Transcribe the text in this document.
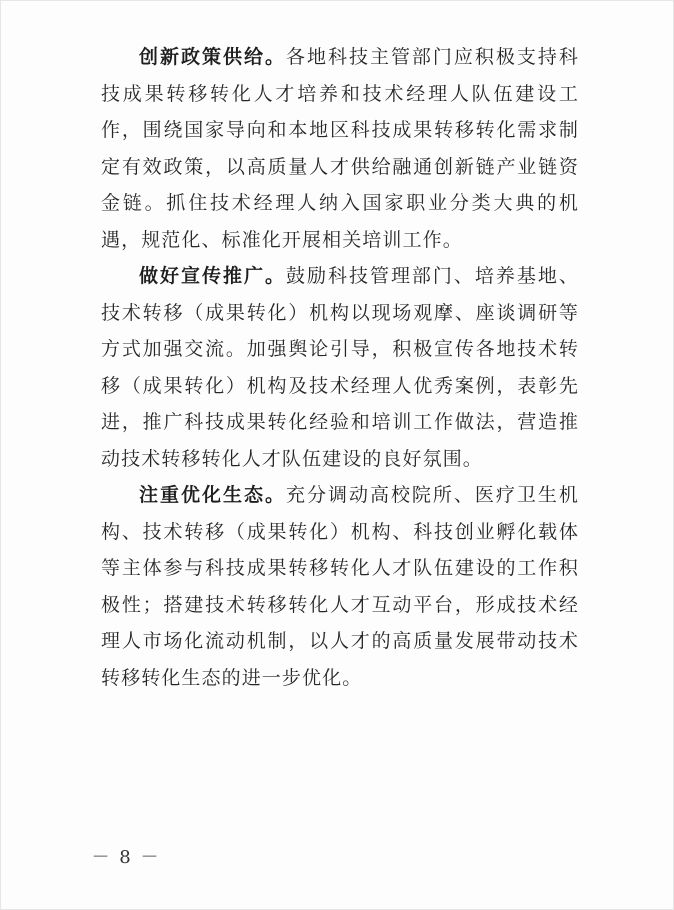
创新政策供给。各地科技主管部门应积极支持科技成果转移转化人才培养和技术经理人队伍建设工作，围绕国家导向和本地区科技成果转移转化需求制定有效政策，以高质量人才供给融通创新链产业链资金链。抓住技术经理人纳入国家职业分类大典的机遇，规范化、标准化开展相关培训工作。

做好宣传推广。鼓励科技管理部门、培养基地、技术转移（成果转化）机构以现场观摩、座谈调研等方式加强交流。加强舆论引导，积极宣传各地技术转移（成果转化）机构及技术经理人优秀案例，表彰先进，推广科技成果转化经验和培训工作做法，营造推动技术转移转化人才队伍建设的良好氛围。

注重优化生态。充分调动高校院所、医疗卫生机构、技术转移（成果转化）机构、科技创业孵化载体等主体参与科技成果转移转化人才队伍建设的工作积极性；搭建技术转移转化人才互动平台，形成技术经理人市场化流动机制，以人才的高质量发展带动技术转移转化生态的进一步优化。

－ 8 －
